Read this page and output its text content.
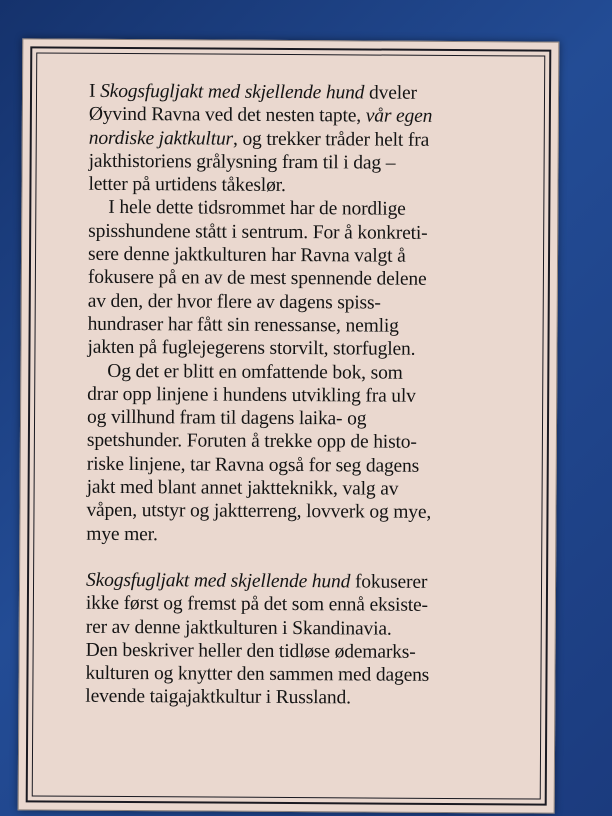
I Skogsfugljakt med skjellende hund dveler
Øyvind Ravna ved det nesten tapte, vår egen
nordiske jaktkultur, og trekker tråder helt fra
jakthistoriens grålysning fram til i dag –
letter på urtidens tåkeslør.
I hele dette tidsrommet har de nordlige
spisshundene stått i sentrum. For å konkreti-
sere denne jaktkulturen har Ravna valgt å
fokusere på en av de mest spennende delene
av den, der hvor flere av dagens spiss-
hundraser har fått sin renessanse, nemlig
jakten på fuglejegerens storvilt, storfuglen.
Og det er blitt en omfattende bok, som
drar opp linjene i hundens utvikling fra ulv
og villhund fram til dagens laika- og
spetshunder. Foruten å trekke opp de histo-
riske linjene, tar Ravna også for seg dagens
jakt med blant annet jaktteknikk, valg av
våpen, utstyr og jaktterreng, lovverk og mye,
mye mer.
Skogsfugljakt med skjellende hund fokuserer
ikke først og fremst på det som ennå eksiste-
rer av denne jaktkulturen i Skandinavia.
Den beskriver heller den tidløse ødemarks-
kulturen og knytter den sammen med dagens
levende taigajaktkultur i Russland.
